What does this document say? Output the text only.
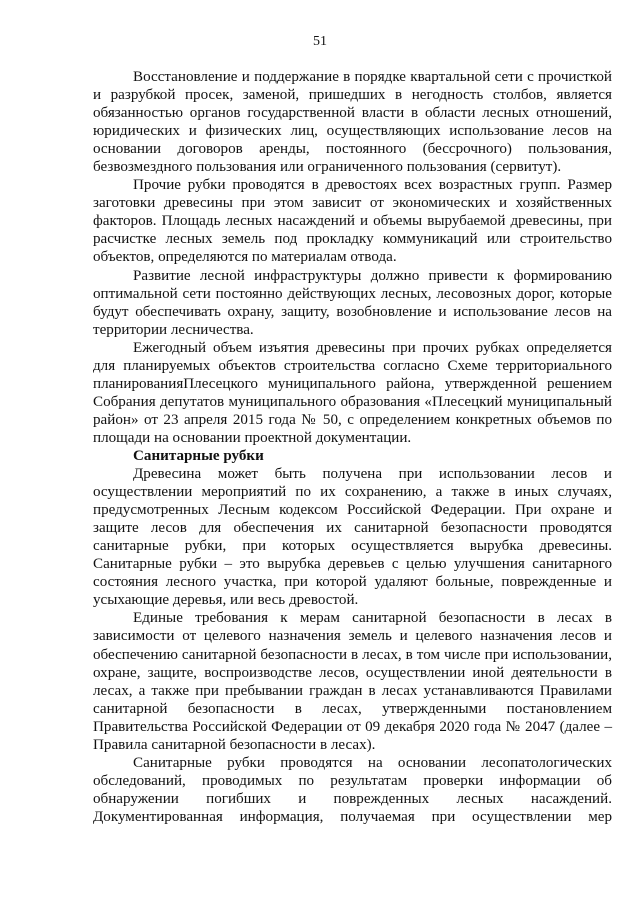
51

Восстановление и поддержание в порядке квартальной сети с прочисткой и разрубкой просек, заменой, пришедших в негодность столбов, является обязанностью органов государственной власти в области лесных отношений, юридических и физических лиц, осуществляющих использование лесов на основании договоров аренды, постоянного (бессрочного) пользования, безвозмездного пользования или ограниченного пользования (сервитут).

Прочие рубки проводятся в древостоях всех возрастных групп. Размер заготовки древесины при этом зависит от экономических и хозяйственных факторов. Площадь лесных насаждений и объемы вырубаемой древесины, при расчистке лесных земель под прокладку коммуникаций или строительство объектов, определяются по материалам отвода.

Развитие лесной инфраструктуры должно привести к формированию оптимальной сети постоянно действующих лесных, лесовозных дорог, которые будут обеспечивать охрану, защиту, возобновление и использование лесов на территории лесничества.

Ежегодный объем изъятия древесины при прочих рубках определяется для планируемых объектов строительства согласно Схеме территориального планированияПлесецкого муниципального района, утвержденной решением Собрания депутатов муниципального образования «Плесецкий муниципальный район» от 23 апреля 2015 года № 50, с определением конкретных объемов по площади на основании проектной документации.

Санитарные рубки

Древесина может быть получена при использовании лесов и осуществлении мероприятий по их сохранению, а также в иных случаях, предусмотренных Лесным кодексом Российской Федерации. При охране и защите лесов для обеспечения их санитарной безопасности проводятся санитарные рубки, при которых осуществляется вырубка древесины. Санитарные рубки – это вырубка деревьев с целью улучшения санитарного состояния лесного участка, при которой удаляют больные, поврежденные и усыхающие деревья, или весь древостой.

Единые требования к мерам санитарной безопасности в лесах в зависимости от целевого назначения земель и целевого назначения лесов и обеспечению санитарной безопасности в лесах, в том числе при использовании, охране, защите, воспроизводстве лесов, осуществлении иной деятельности в лесах, а также при пребывании граждан в лесах устанавливаются Правилами санитарной безопасности в лесах, утвержденными постановлением Правительства Российской Федерации от 09 декабря 2020 года № 2047 (далее – Правила санитарной безопасности в лесах).

Санитарные рубки проводятся на основании лесопатологических обследований, проводимых по результатам проверки информации об обнаружении погибших и поврежденных лесных насаждений. Документированная информация, получаемая при осуществлении мер
